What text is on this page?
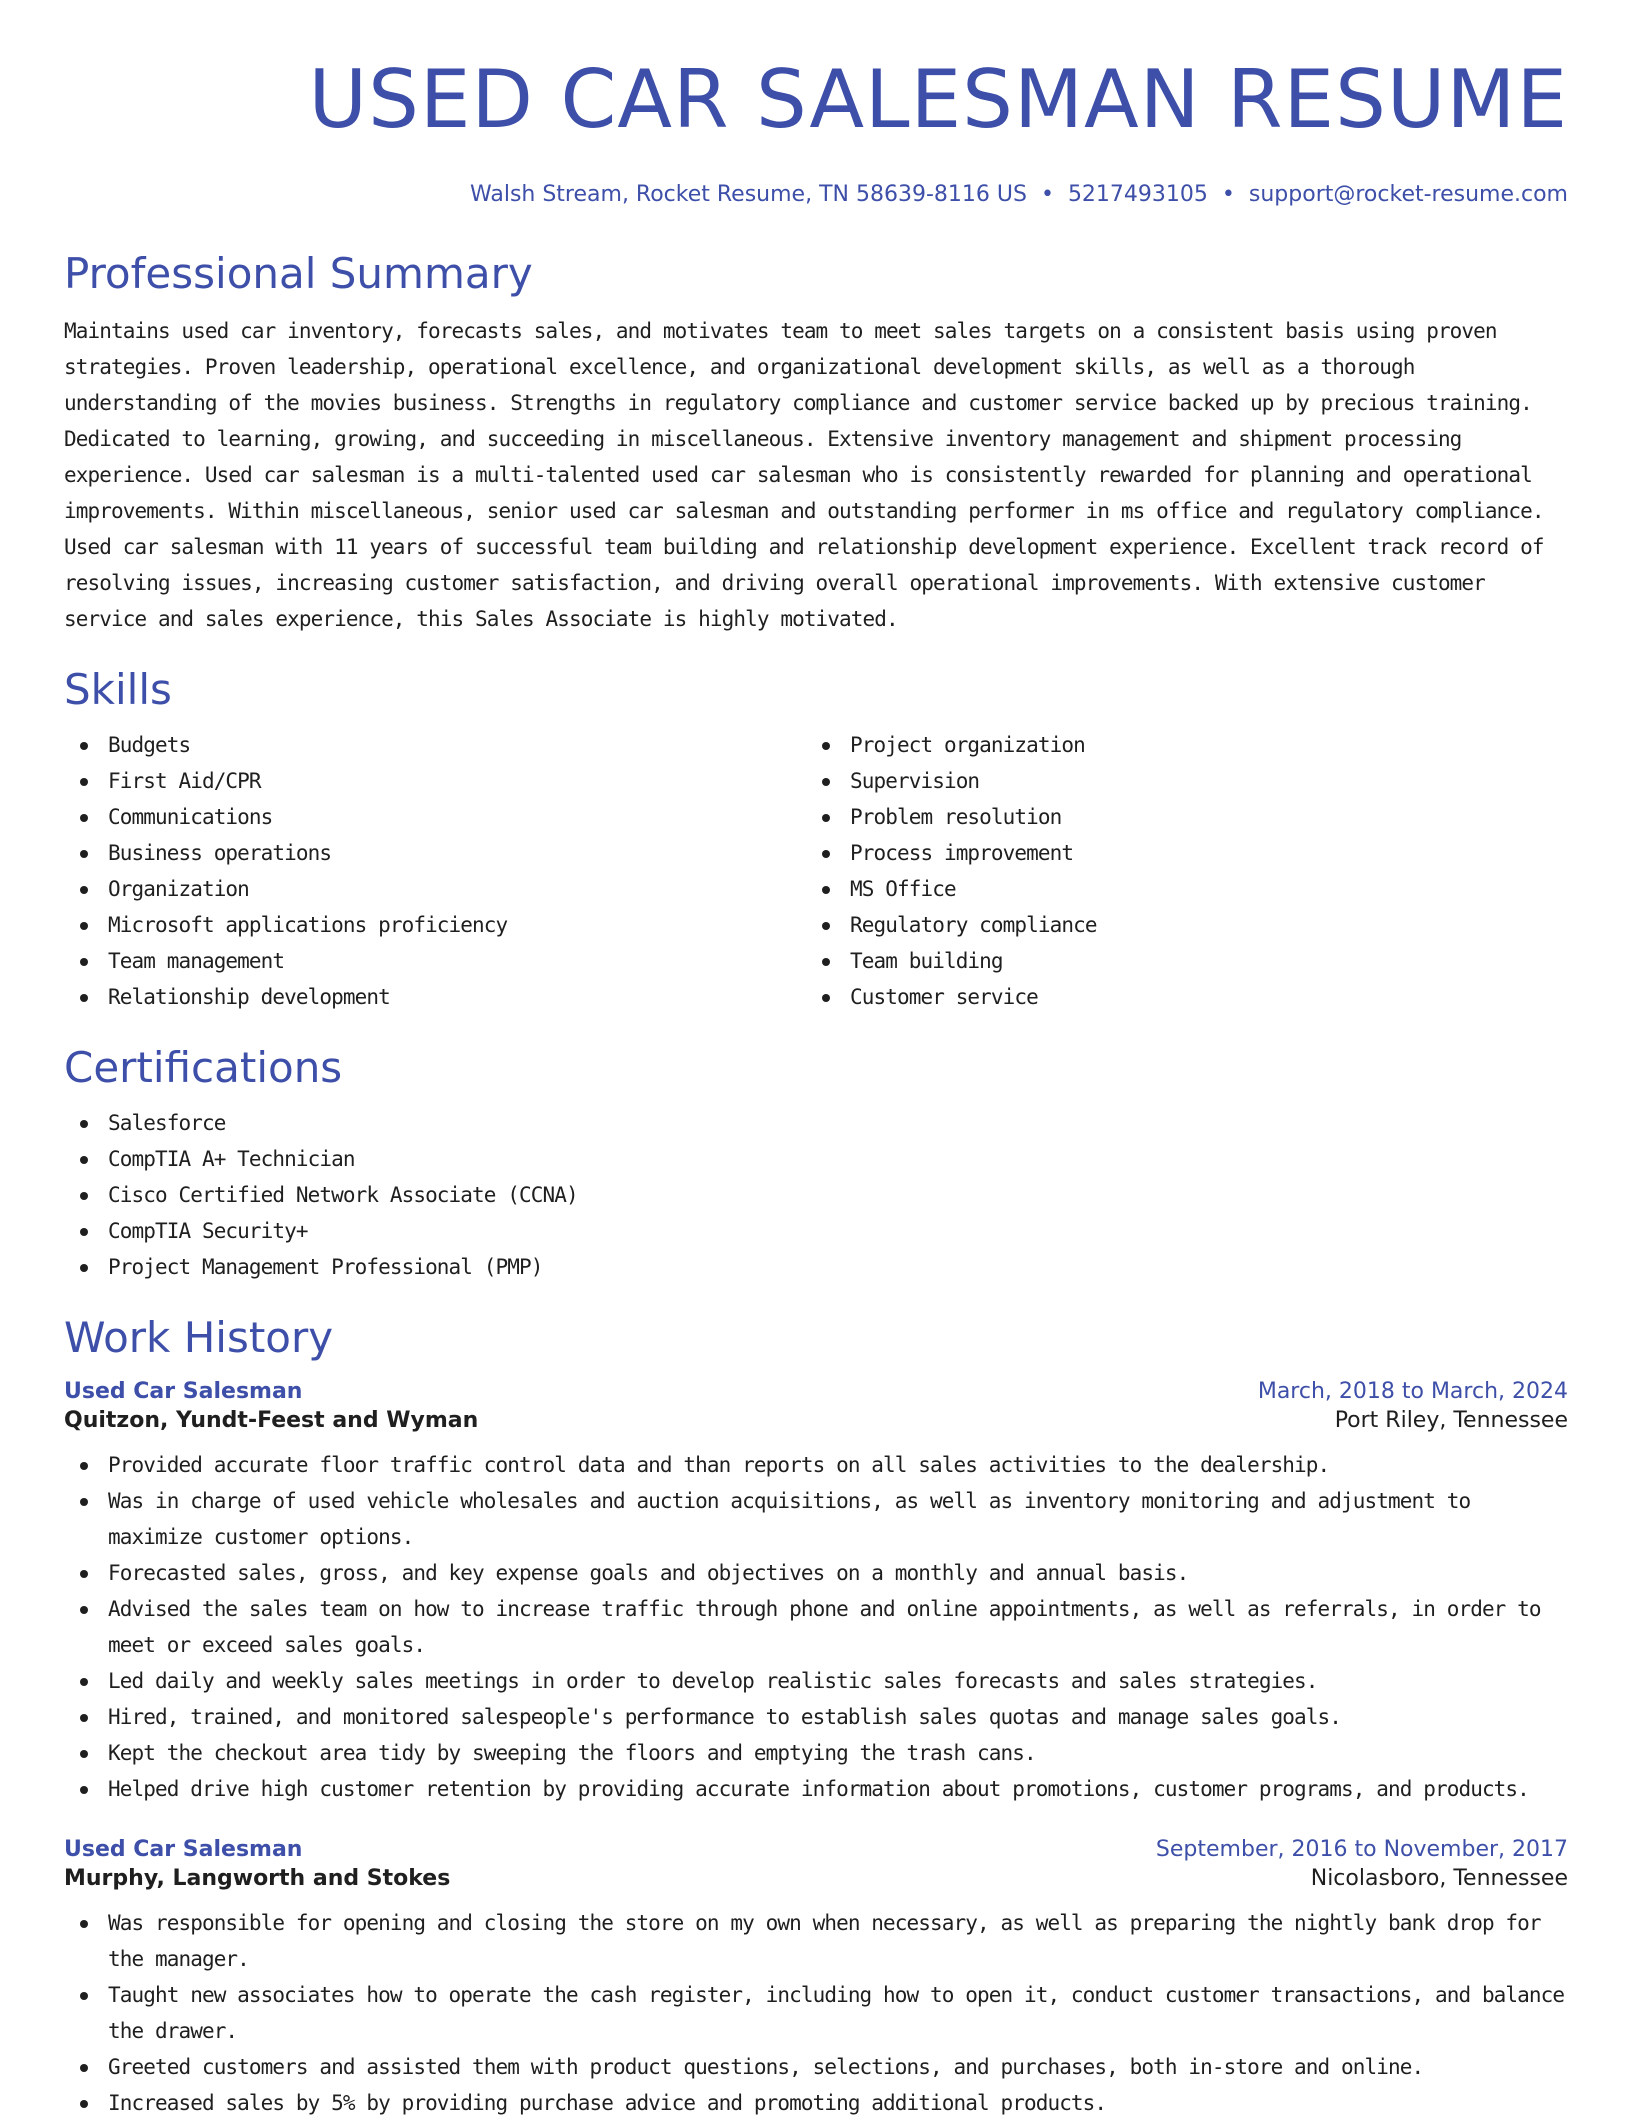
USED CAR SALESMAN RESUME
Walsh Stream, Rocket Resume, TN 58639-8116 US • 5217493105 • support@rocket-resume.com
Professional Summary

Maintains used car inventory, forecasts sales, and motivates team to meet sales targets on a consistent basis using proven strategies. Proven leadership, operational excellence, and organizational development skills, as well as a thorough understanding of the movies business. Strengths in regulatory compliance and customer service backed up by precious training. Dedicated to learning, growing, and succeeding in miscellaneous. Extensive inventory management and shipment processing experience. Used car salesman is a multi-talented used car salesman who is consistently rewarded for planning and operational improvements. Within miscellaneous, senior used car salesman and outstanding performer in ms office and regulatory compliance. Used car salesman with 11 years of successful team building and relationship development experience. Excellent track record of resolving issues, increasing customer satisfaction, and driving overall operational improvements. With extensive customer service and sales experience, this Sales Associate is highly motivated.

Skills
Budgets
First Aid/CPR
Communications
Business operations
Organization
Microsoft applications proficiency
Team management
Relationship development
Project organization
Supervision
Problem resolution
Process improvement
MS Office
Regulatory compliance
Team building
Customer service
Certifications
Salesforce
CompTIA A+ Technician
Cisco Certified Network Associate (CCNA)
CompTIA Security+
Project Management Professional (PMP)
Work History
Used Car Salesman	March, 2018 to March, 2024
Quitzon, Yundt-Feest and Wyman	Port Riley, Tennessee
Provided accurate floor traffic control data and than reports on all sales activities to the dealership.
Was in charge of used vehicle wholesales and auction acquisitions, as well as inventory monitoring and adjustment to maximize customer options.
Forecasted sales, gross, and key expense goals and objectives on a monthly and annual basis.
Advised the sales team on how to increase traffic through phone and online appointments, as well as referrals, in order to meet or exceed sales goals.
Led daily and weekly sales meetings in order to develop realistic sales forecasts and sales strategies.
Hired, trained, and monitored salespeople's performance to establish sales quotas and manage sales goals.
Kept the checkout area tidy by sweeping the floors and emptying the trash cans.
Helped drive high customer retention by providing accurate information about promotions, customer programs, and products.
Used Car Salesman	September, 2016 to November, 2017
Murphy, Langworth and Stokes	Nicolasboro, Tennessee
Was responsible for opening and closing the store on my own when necessary, as well as preparing the nightly bank drop for the manager.
Taught new associates how to operate the cash register, including how to open it, conduct customer transactions, and balance the drawer.
Greeted customers and assisted them with product questions, selections, and purchases, both in-store and online.
Increased sales by 5% by providing purchase advice and promoting additional products.
